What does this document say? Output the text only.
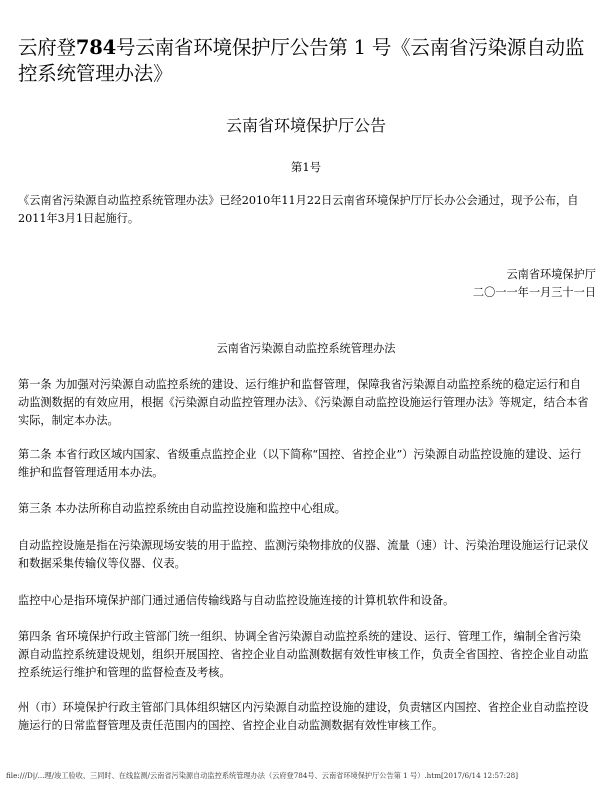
云府登784号云南省环境保护厅公告第 1 号《云南省污染源自动监控系统管理办法》
云南省环境保护厅公告
第1号
《云南省污染源自动监控系统管理办法》已经2010年11月22日云南省环境保护厅厅长办公会通过，现予公布，自2011年3月1日起施行。
云南省环境保护厅
二〇一一年一月三十一日
云南省污染源自动监控系统管理办法
第一条 为加强对污染源自动监控系统的建设、运行维护和监督管理，保障我省污染源自动监控系统的稳定运行和自动监测数据的有效应用，根据《污染源自动监控管理办法》、《污染源自动监控设施运行管理办法》等规定，结合本省实际，制定本办法。
第二条 本省行政区域内国家、省级重点监控企业（以下简称“国控、省控企业”）污染源自动监控设施的建设、运行维护和监督管理适用本办法。
第三条 本办法所称自动监控系统由自动监控设施和监控中心组成。
自动监控设施是指在污染源现场安装的用于监控、监测污染物排放的仪器、流量（速）计、污染治理设施运行记录仪和数据采集传输仪等仪器、仪表。
监控中心是指环境保护部门通过通信传输线路与自动监控设施连接的计算机软件和设备。
第四条 省环境保护行政主管部门统一组织、协调全省污染源自动监控系统的建设、运行、管理工作，编制全省污染源自动监控系统建设规划，组织开展国控、省控企业自动监测数据有效性审核工作，负责全省国控、省控企业自动监控系统运行维护和管理的监督检查及考核。
州（市）环境保护行政主管部门具体组织辖区内污染源自动监控设施的建设，负责辖区内国控、省控企业自动监控设施运行的日常监督管理及责任范围内的国控、省控企业自动监测数据有效性审核工作。
file:///D|/...理/竣工验收、三同时、在线监测/云南省污染源自动监控系统管理办法（云府登784号、云南省环境保护厅公告第 1 号）.htm[2017/6/14 12:57:28]
